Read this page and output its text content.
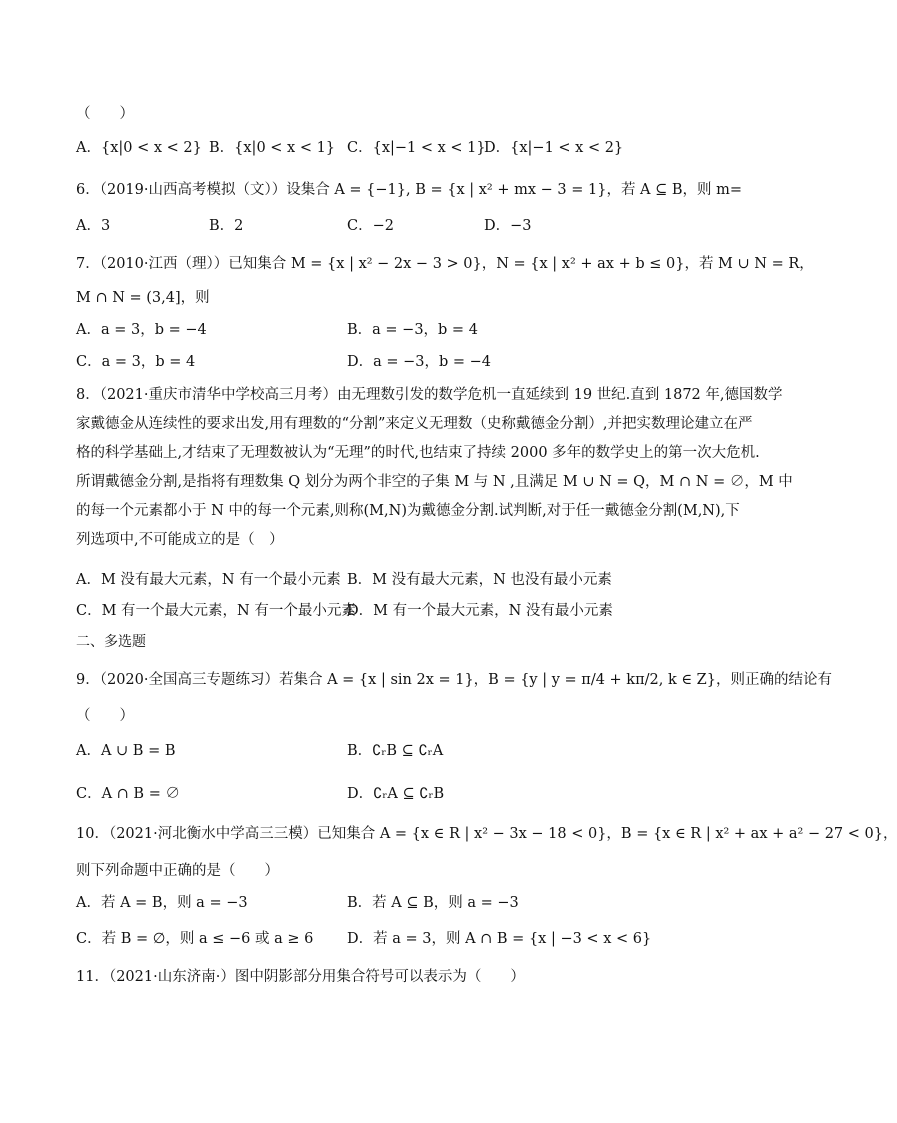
（　　）
A．{x|0 < x < 2} B．{x|0 < x < 1} C．{x|−1 < x < 1}
D．{x|−1 < x < 2}
6．（2019·山西高考模拟（文））设集合 A = {−1}, B = {x | x² + mx − 3 = 1}，若 A ⊆ B，则 m=
A．3	B．2	C．−2	D．−3
7．（2010·江西（理））已知集合 M = {x | x² − 2x − 3 > 0}，N = {x | x² + ax + b ≤ 0}，若 M ∪ N = R，
M ∩ N = (3,4]，则
A．a = 3，b = −4	B．a = −3，b = 4
C．a = 3，b = 4	D．a = −3，b = −4
8．（2021·重庆市清华中学校高三月考）由无理数引发的数学危机一直延续到 19 世纪.直到 1872 年,德国数学
家戴德金从连续性的要求出发,用有理数的“分割”来定义无理数（史称戴德金分割）,并把实数理论建立在严
格的科学基础上,才结束了无理数被认为“无理”的时代,也结束了持续 2000 多年的数学史上的第一次大危机.
所谓戴德金分割,是指将有理数集 Q 划分为两个非空的子集 M 与 N ,且满足 M ∪ N = Q，M ∩ N = ∅，M 中
的每一个元素都小于 N 中的每一个元素,则称(M,N)为戴德金分割.试判断,对于任一戴德金分割(M,N),下
列选项中,不可能成立的是（　）
A．M 没有最大元素，N 有一个最小元素 B．M 没有最大元素，N 也没有最小元素
C．M 有一个最大元素，N 有一个最小元素
D．M 有一个最大元素，N 没有最小元素
二、多选题
9．（2020·全国高三专题练习）若集合 A = {x | sin 2x = 1}，B = {y | y = π/4 + kπ/2, k ∈ Z}，则正确的结论有
（　　）
A．A ∪ B = B	B．∁ᵣB ⊆ ∁ᵣA
C．A ∩ B = ∅	D．∁ᵣA ⊆ ∁ᵣB
10．（2021·河北衡水中学高三三模）已知集合 A = {x ∈ R | x² − 3x − 18 < 0}，B = {x ∈ R | x² + ax + a² − 27 < 0}，
则下列命题中正确的是（　　）
A．若 A = B，则 a = −3	B．若 A ⊆ B，则 a = −3
C．若 B = ∅，则 a ≤ −6 或 a ≥ 6 D．若 a = 3，则 A ∩ B = {x | −3 < x < 6}
11．（2021·山东济南·）图中阴影部分用集合符号可以表示为（　　）
